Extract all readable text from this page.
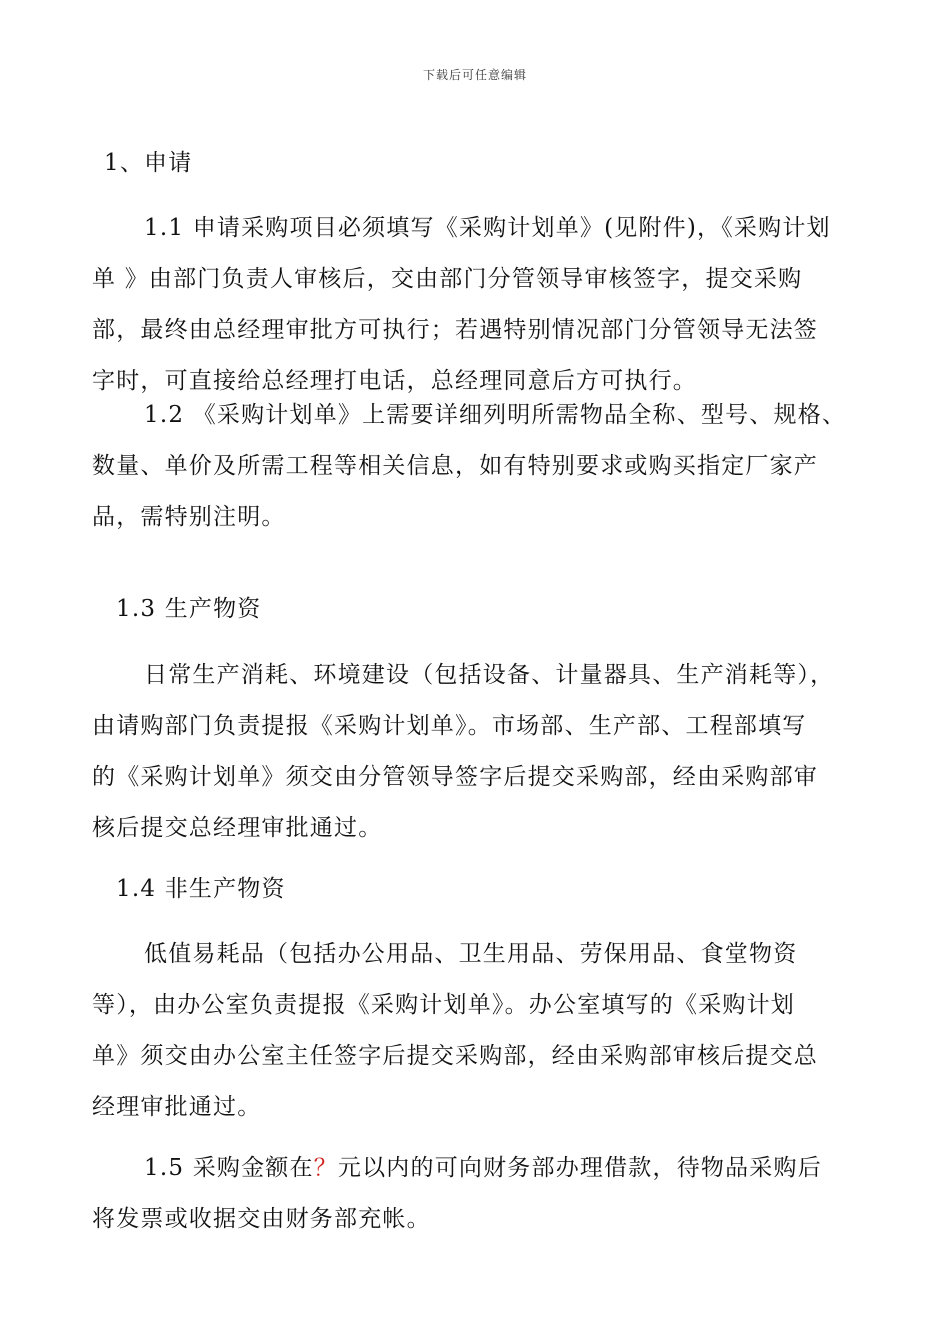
下载后可任意编辑
1、申请
1.1 申请采购项目必须填写《采购计划单》(见附件)，《采购计划
单 》由部门负责人审核后，交由部门分管领导审核签字，提交采购
部，最终由总经理审批方可执行；若遇特别情况部门分管领导无法签
字时，可直接给总经理打电话，总经理同意后方可执行。
1.2 《采购计划单》上需要详细列明所需物品全称、型号、规格、
数量、单价及所需工程等相关信息，如有特别要求或购买指定厂家产
品，需特别注明。
1.3 生产物资
日常生产消耗、环境建设（包括设备、计量器具、生产消耗等），
由请购部门负责提报《采购计划单》。市场部、生产部、工程部填写
的《采购计划单》须交由分管领导签字后提交采购部，经由采购部审
核后提交总经理审批通过。
1.4 非生产物资
低值易耗品（包括办公用品、卫生用品、劳保用品、食堂物资
等），由办公室负责提报《采购计划单》。办公室填写的《采购计划
单》须交由办公室主任签字后提交采购部，经由采购部审核后提交总
经理审批通过。
1.5 采购金额在？元以内的可向财务部办理借款，待物品采购后
将发票或收据交由财务部充帐。
